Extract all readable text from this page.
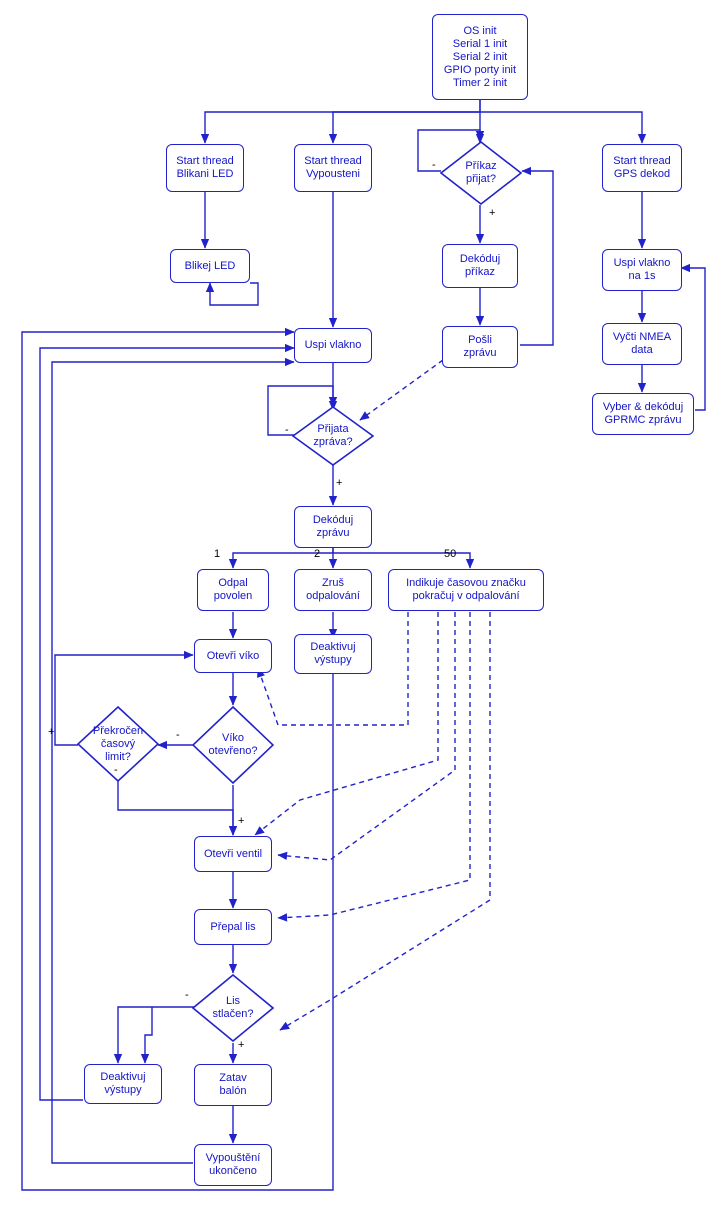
OS init
Serial 1 init
Serial 2 init
GPIO porty init
Timer 2 init
Start thread
Blikani LED
Start thread
Vypousteni
Start thread
GPS dekod
Blikej LED
Dekóduj
příkaz
Uspi vlakno
na 1s
Uspi vlakno	Pošli
zprávu
Vyčti NMEA
data
Vyber & dekóduj
GPRMC zprávu
Dekóduj
zprávu
Odpal
povolen
Zruš
odpalování
Indikuje časovou značku
pokračuj v odpalování
Otevři víko
Deaktivuj
výstupy
Otevři ventil
Přepal lis
Deaktivuj
výstupy
Zatav
balón
Vypouštění
ukončeno
Příkaz
přijat?
Přijata
zpráva?
Překročen
časový
limit?
Víko
otevřeno?
Lis
stlačen?
-
+
-
+
1	2	50
+	-
-
+
-
+
